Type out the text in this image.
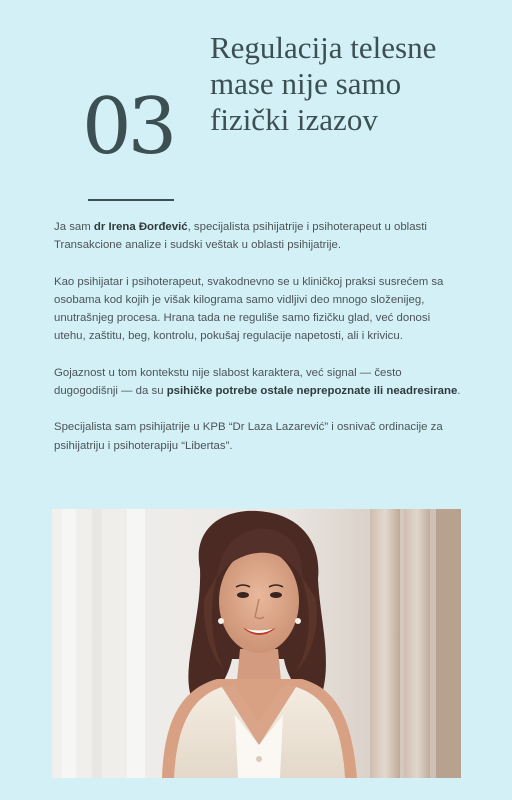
03
Regulacija telesne mase nije samo fizički izazov

Ja sam dr Irena Đorđević, specijalista psihijatrije i psihoterapeut u oblasti Transakcione analize i sudski veštak u oblasti psihijatrije.

Kao psihijatar i psihoterapeut, svakodnevno se u kliničkoj praksi susrećem sa osobama kod kojih je višak kilograma samo vidljivi deo mnogo složenijeg, unutrašnjeg procesa. Hrana tada ne reguliše samo fizičku glad, već donosi utehu, zaštitu, beg, kontrolu, pokušaj regulacije napetosti, ali i krivicu.

Gojaznost u tom kontekstu nije slabost karaktera, već signal — često dugogodišnji — da su psihičke potrebe ostale neprepoznate ili neadresirane.

Specijalista sam psihijatrije u KPB “Dr Laza Lazarević” i osnivač ordinacije za psihijatriju i psihoterapiju “Libertas”.
